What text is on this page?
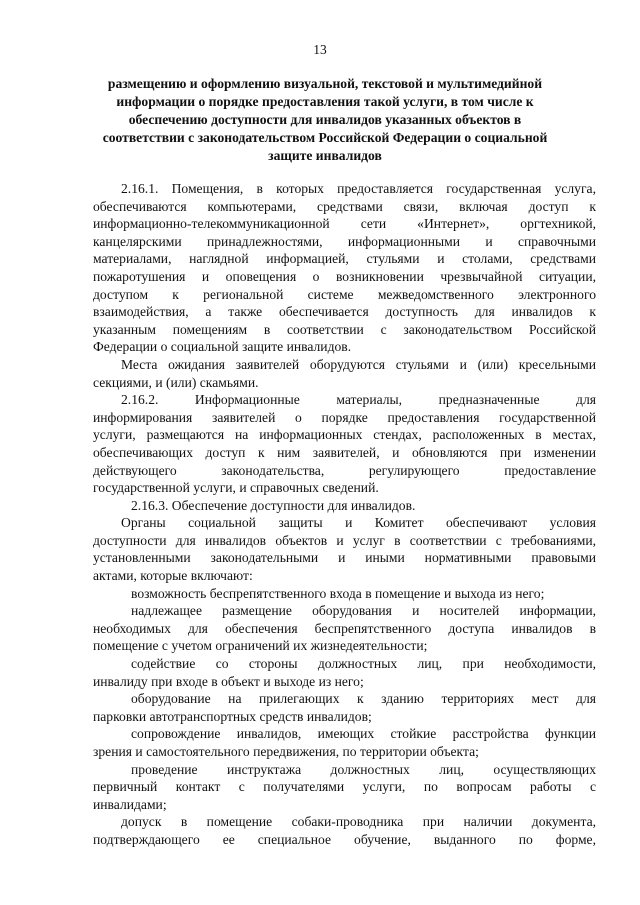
13
размещению и оформлению визуальной, текстовой и мультимедийной
информации о порядке предоставления такой услуги, в том числе к
обеспечению доступности для инвалидов указанных объектов в
соответствии с законодательством Российской Федерации о социальной
защите инвалидов
2.16.1. Помещения, в которых предоставляется государственная услуга,
обеспечиваются компьютерами, средствами связи, включая доступ к
информационно-телекоммуникационной сети «Интернет», оргтехникой,
канцелярскими принадлежностями, информационными и справочными
материалами, наглядной информацией, стульями и столами, средствами
пожаротушения и оповещения о возникновении чрезвычайной ситуации,
доступом к региональной системе межведомственного электронного
взаимодействия, а также обеспечивается доступность для инвалидов к
указанным помещениям в соответствии с законодательством Российской
Федерации о социальной защите инвалидов.
Места ожидания заявителей оборудуются стульями и (или) кресельными
секциями, и (или) скамьями.
2.16.2. Информационные материалы, предназначенные для
информирования заявителей о порядке предоставления государственной
услуги, размещаются на информационных стендах, расположенных в местах,
обеспечивающих доступ к ним заявителей, и обновляются при изменении
действующего законодательства, регулирующего предоставление
государственной услуги, и справочных сведений.
2.16.3. Обеспечение доступности для инвалидов.
Органы социальной защиты и Комитет обеспечивают условия
доступности для инвалидов объектов и услуг в соответствии с требованиями,
установленными законодательными и иными нормативными правовыми
актами, которые включают:
возможность беспрепятственного входа в помещение и выхода из него;
надлежащее размещение оборудования и носителей информации,
необходимых для обеспечения беспрепятственного доступа инвалидов в
помещение с учетом ограничений их жизнедеятельности;
содействие со стороны должностных лиц, при необходимости,
инвалиду при входе в объект и выходе из него;
оборудование на прилегающих к зданию территориях мест для
парковки автотранспортных средств инвалидов;
сопровождение инвалидов, имеющих стойкие расстройства функции
зрения и самостоятельного передвижения, по территории объекта;
проведение инструктажа должностных лиц, осуществляющих
первичный контакт с получателями услуги, по вопросам работы с
инвалидами;
допуск в помещение собаки-проводника при наличии документа,
подтверждающего ее специальное обучение, выданного по форме,
